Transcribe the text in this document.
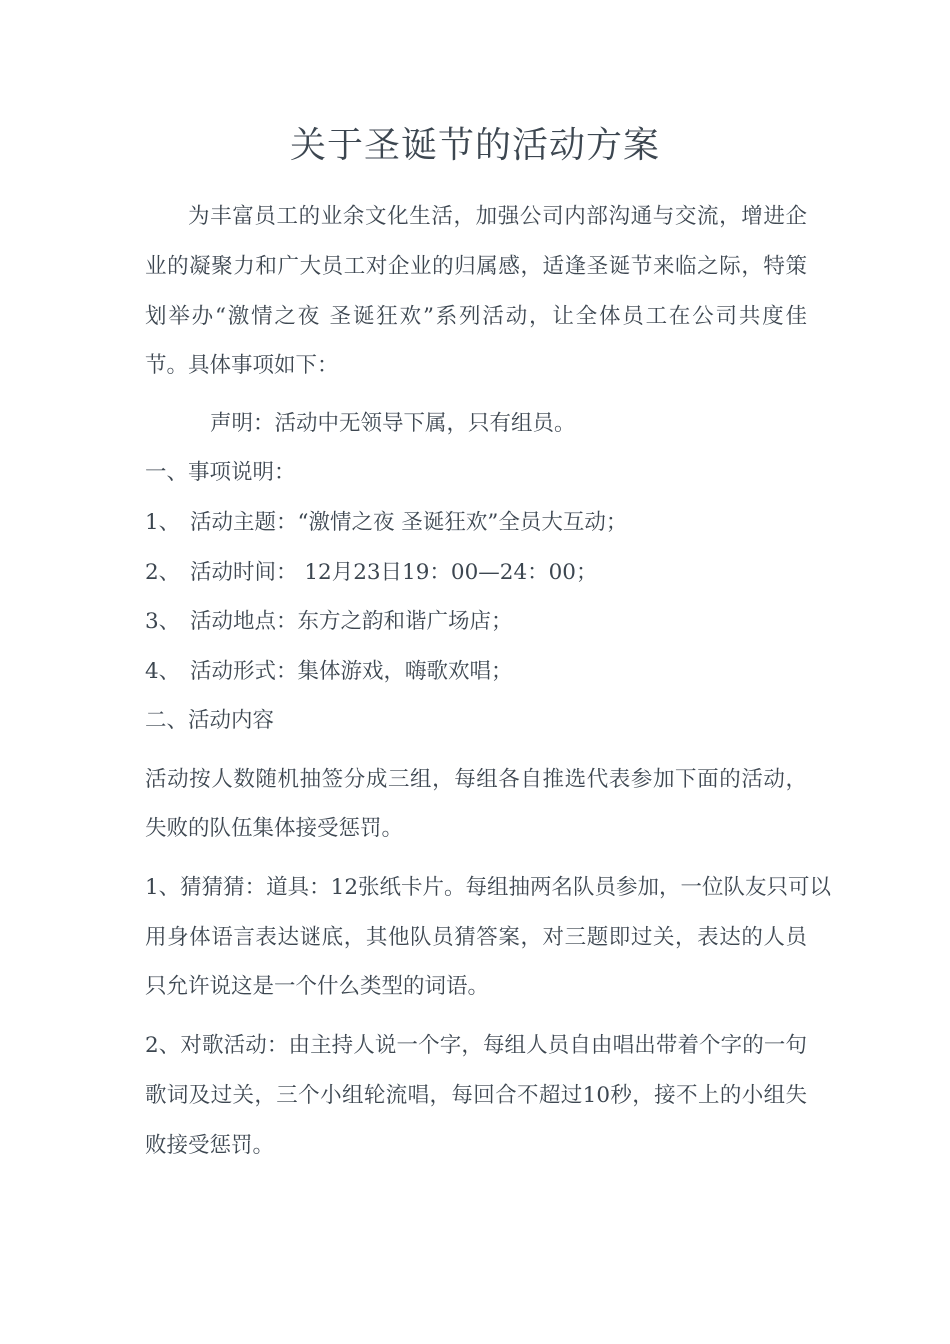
关于圣诞节的活动方案

为丰富员工的业余文化生活，加强公司内部沟通与交流，增进企

业的凝聚力和广大员工对企业的归属感，适逢圣诞节来临之际，特策

划举办“激情之夜 圣诞狂欢”系列活动，让全体员工在公司共度佳

节。具体事项如下：

声明：活动中无领导下属，只有组员。

一、事项说明：

1、 活动主题：“激情之夜 圣诞狂欢”全员大互动；
2、 活动时间： 12月23日19：00—24：00；
3、 活动地点：东方之韵和谐广场店；
4、 活动形式：集体游戏，嗨歌欢唱；

二、活动内容

活动按人数随机抽签分成三组，每组各自推选代表参加下面的活动，

失败的队伍集体接受惩罚。

1、猜猜猜：道具：12张纸卡片。每组抽两名队员参加，一位队友只可以

用身体语言表达谜底，其他队员猜答案，对三题即过关，表达的人员

只允许说这是一个什么类型的词语。

2、对歌活动：由主持人说一个字，每组人员自由唱出带着个字的一句

歌词及过关，三个小组轮流唱，每回合不超过10秒，接不上的小组失

败接受惩罚。
